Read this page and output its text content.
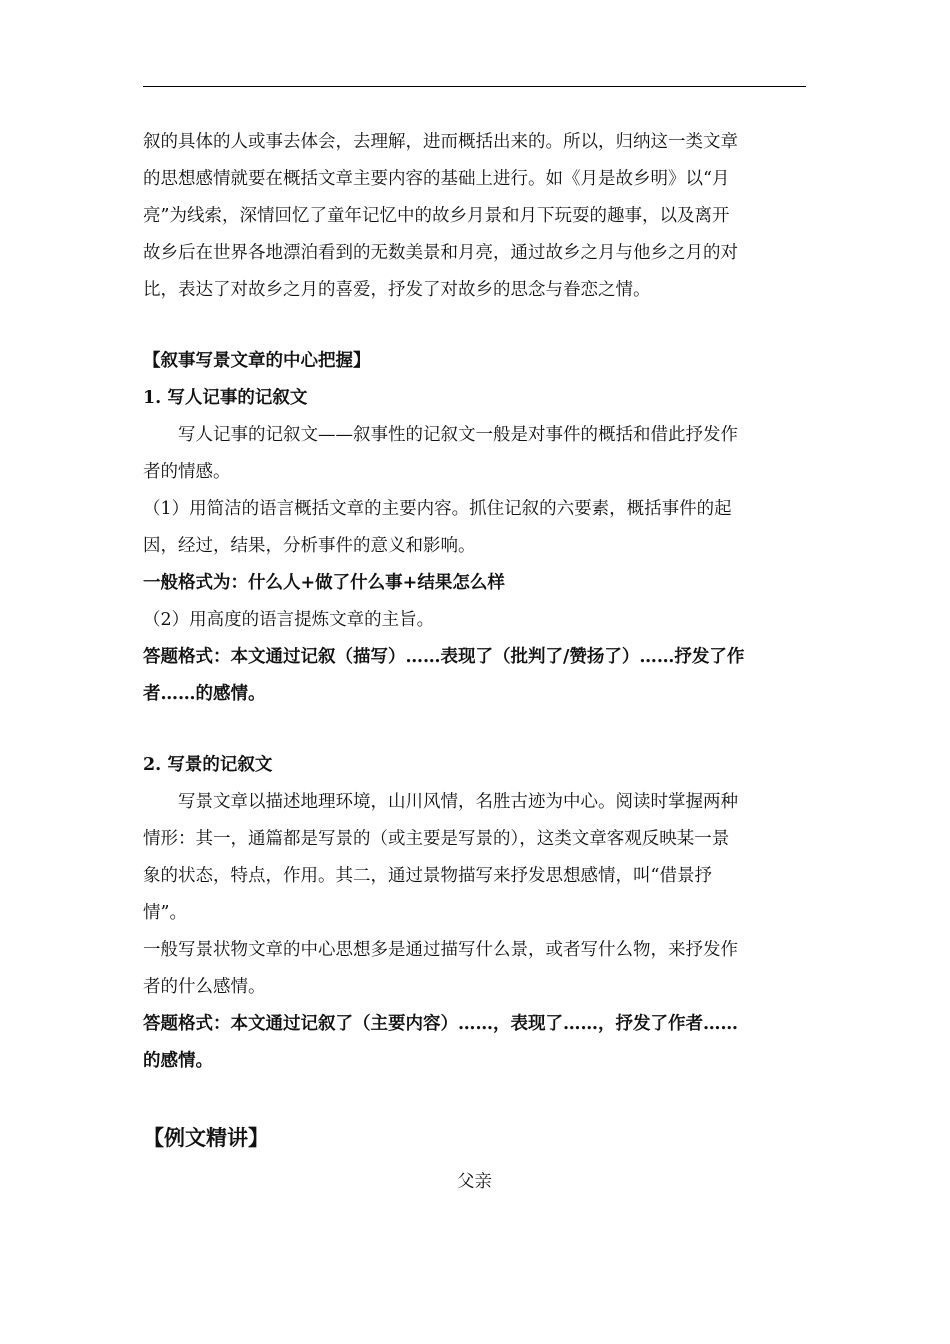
叙的具体的人或事去体会，去理解，进而概括出来的。所以，归纳这一类文章

的思想感情就要在概括文章主要内容的基础上进行。如《月是故乡明》以“月

亮”为线索，深情回忆了童年记忆中的故乡月景和月下玩耍的趣事，以及离开

故乡后在世界各地漂泊看到的无数美景和月亮，通过故乡之月与他乡之月的对

比，表达了对故乡之月的喜爱，抒发了对故乡的思念与眷恋之情。

【叙事写景文章的中心把握】

1. 写人记事的记叙文

写人记事的记叙文——叙事性的记叙文一般是对事件的概括和借此抒发作

者的情感。

（1）用简洁的语言概括文章的主要内容。抓住记叙的六要素，概括事件的起

因，经过，结果，分析事件的意义和影响。

一般格式为：什么人+做了什么事+结果怎么样

（2）用高度的语言提炼文章的主旨。

答题格式：本文通过记叙（描写）……表现了（批判了/赞扬了）……抒发了作

者……的感情。

2. 写景的记叙文

写景文章以描述地理环境，山川风情，名胜古迹为中心。阅读时掌握两种

情形：其一，通篇都是写景的（或主要是写景的），这类文章客观反映某一景

象的状态，特点，作用。其二，通过景物描写来抒发思想感情，叫“借景抒

情”。

一般写景状物文章的中心思想多是通过描写什么景，或者写什么物，来抒发作

者的什么感情。

答题格式：本文通过记叙了（主要内容）……，表现了……，抒发了作者……

的感情。

【例文精讲】

父亲
